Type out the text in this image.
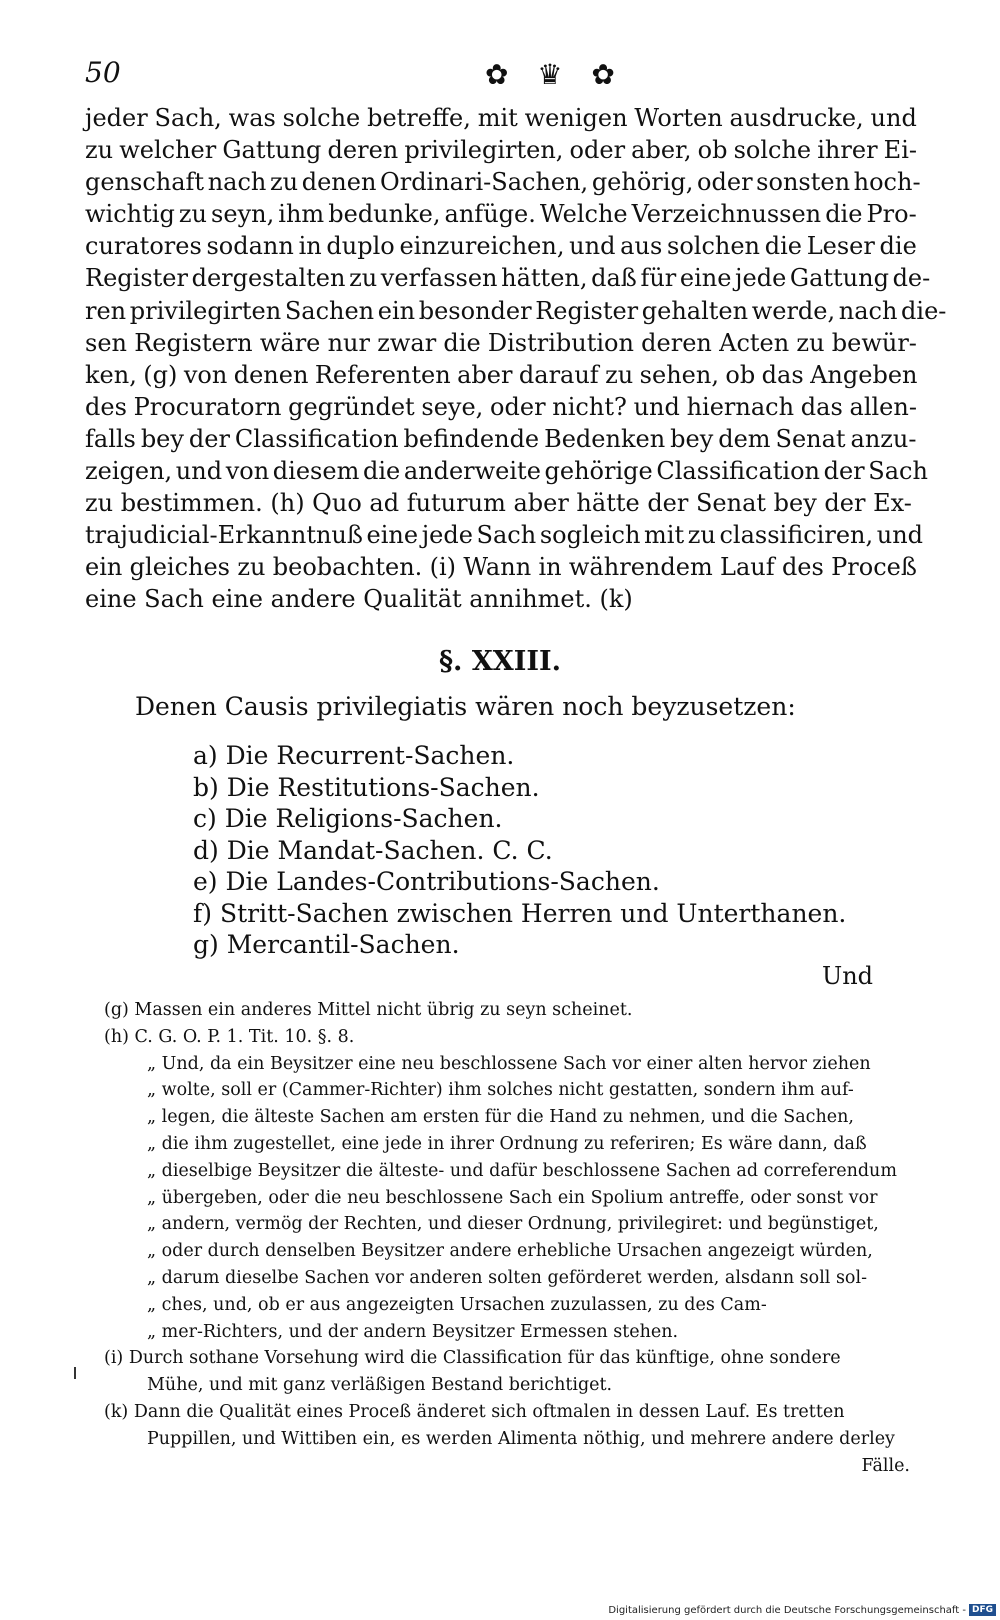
50	✿ ♛ ✿
jeder Sach, was solche betreffe, mit wenigen Worten ausdrucke, und
zu welcher Gattung deren privilegirten, oder aber, ob solche ihrer Ei-
genschaft nach zu denen Ordinari-Sachen, gehörig, oder sonsten hoch-
wichtig zu seyn, ihm bedunke, anfüge. Welche Verzeichnussen die Pro-
curatores sodann in duplo einzureichen, und aus solchen die Leser die
Register dergestalten zu verfassen hätten, daß für eine jede Gattung de-
ren privilegirten Sachen ein besonder Register gehalten werde, nach die-
sen Registern wäre nur zwar die Distribution deren Acten zu bewür-
ken, (g) von denen Referenten aber darauf zu sehen, ob das Angeben
des Procuratorn gegründet seye, oder nicht? und hiernach das allen-
falls bey der Classification befindende Bedenken bey dem Senat anzu-
zeigen, und von diesem die anderweite gehörige Classification der Sach
zu bestimmen. (h) Quo ad futurum aber hätte der Senat bey der Ex-
trajudicial-Erkanntnuß eine jede Sach sogleich mit zu classificiren, und
ein gleiches zu beobachten. (i) Wann in währendem Lauf des Proceß
eine Sach eine andere Qualität annihmet. (k)
§. XXIII.
Denen Causis privilegiatis wären noch beyzusetzen:
a) Die Recurrent-Sachen.
b) Die Restitutions-Sachen.
c) Die Religions-Sachen.
d) Die Mandat-Sachen. C. C.
e) Die Landes-Contributions-Sachen.
f) Stritt-Sachen zwischen Herren und Unterthanen.
g) Mercantil-Sachen.
Und
(g) Massen ein anderes Mittel nicht übrig zu seyn scheinet.
(h) C. G. O. P. 1. Tit. 10. §. 8.
„ Und, da ein Beysitzer eine neu beschlossene Sach vor einer alten hervor ziehen
„ wolte, soll er (Cammer-Richter) ihm solches nicht gestatten, sondern ihm auf-
„ legen, die älteste Sachen am ersten für die Hand zu nehmen, und die Sachen,
„ die ihm zugestellet, eine jede in ihrer Ordnung zu referiren; Es wäre dann, daß
„ dieselbige Beysitzer die älteste- und dafür beschlossene Sachen ad correferendum
„ übergeben, oder die neu beschlossene Sach ein Spolium antreffe, oder sonst vor
„ andern, vermög der Rechten, und dieser Ordnung, privilegiret: und begünstiget,
„ oder durch denselben Beysitzer andere erhebliche Ursachen angezeigt würden,
„ darum dieselbe Sachen vor anderen solten geförderet werden, alsdann soll sol-
„ ches, und, ob er aus angezeigten Ursachen zuzulassen, zu des Cam-
„ mer-Richters, und der andern Beysitzer Ermessen stehen.
(i) Durch sothane Vorsehung wird die Classification für das künftige, ohne sondere
Mühe, und mit ganz verläßigen Bestand berichtiget.
(k) Dann die Qualität eines Proceß änderet sich oftmalen in dessen Lauf. Es tretten
Puppillen, und Wittiben ein, es werden Alimenta nöthig, und mehrere andere derley
Fälle.
Digitalisierung gefördert durch die Deutsche Forschungsgemeinschaft - DFG
